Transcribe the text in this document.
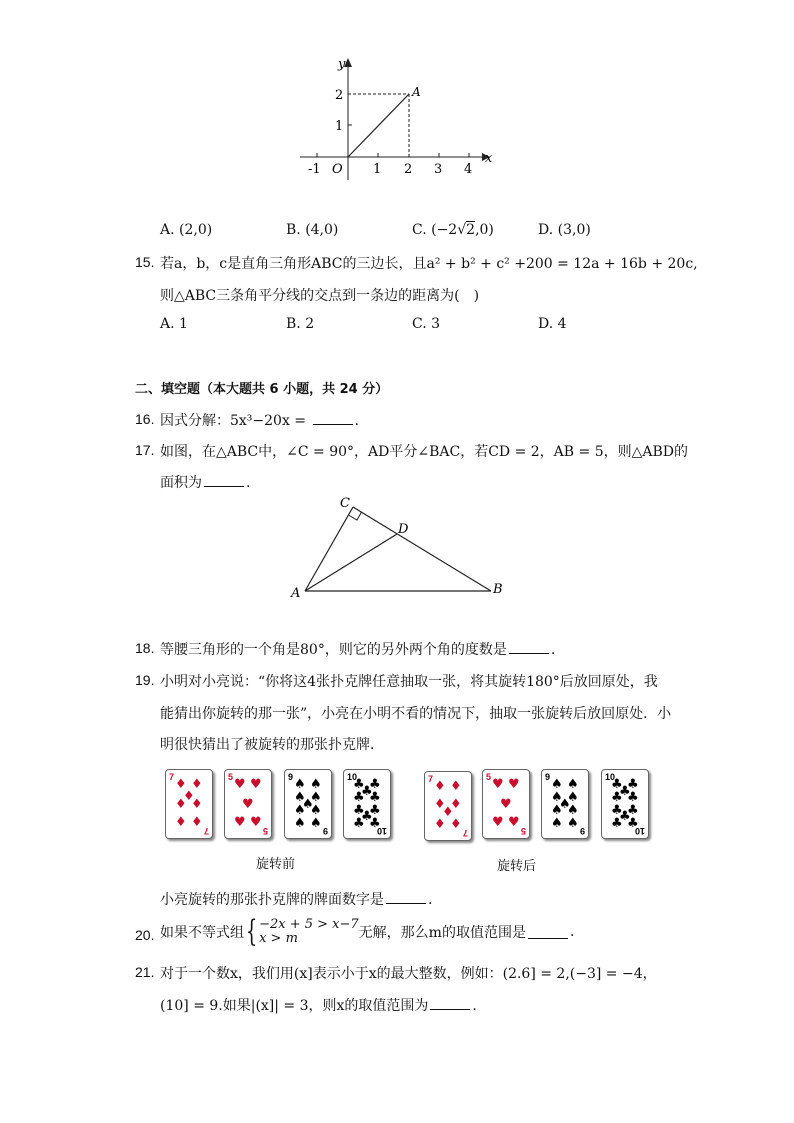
y
x
O
A
-1	1 2 3 4
1
2
A. (2,0)	B. (4,0)	C. (−2√2,0)	D. (3,0)
15. 若a，b，c是直角三角形ABC的三边长，且a² + b² + c² +200 = 12a + 16b + 20c,
则△ABC三条角平分线的交点到一条边的距离为(　)
A. 1	B. 2	C. 3	D. 4
二、填空题（本大题共 6 小题，共 24 分）
16. 因式分解：5x³−20x =	.
17. 如图，在△ABC中，∠C = 90°，AD平分∠BAC，若CD = 2，AB = 5，则△ABD的
面积为	.
C
D
A	B
18. 等腰三角形的一个角是80°，则它的另外两个角的度数是	.
19. 小明对小亮说：“你将这4张扑克牌任意抽取一张，将其旋转180°后放回原处，我
能猜出你旋转的那一张”，小亮在小明不看的情况下，抽取一张旋转后放回原处．小
明很快猜出了被旋转的那张扑克牌．
7
7
♦ ♦
♦
♦ ♦
♦ ♦
5
5
♥ ♥
♥
♥ ♥
9
9
♠ ♠
♠ ♠
♠
♠ ♠
♠ ♠
10
10
♣ ♣
♣
♣ ♣
♣ ♣
♣
♣ ♣
7
7
♦ ♦
♦ ♦
♦
♦ ♦
5
5
♥ ♥
♥
♥ ♥
9
9
♠ ♠
♠ ♠
♠
♠ ♠
♠ ♠
10
10
♣ ♣
♣
♣ ♣
♣ ♣
♣
♣ ♣
旋转前	旋转后
小亮旋转的那张扑克牌的牌面数字是	.
20. 如果不等式组 { −2x + 5 > x−7
x > m	无解，那么m的取值范围是	.
21. 对于一个数x，我们用(x]表示小于x的最大整数，例如：(2.6] = 2,(−3] = −4，
(10] = 9.如果|(x]| = 3，则x的取值范围为	.
